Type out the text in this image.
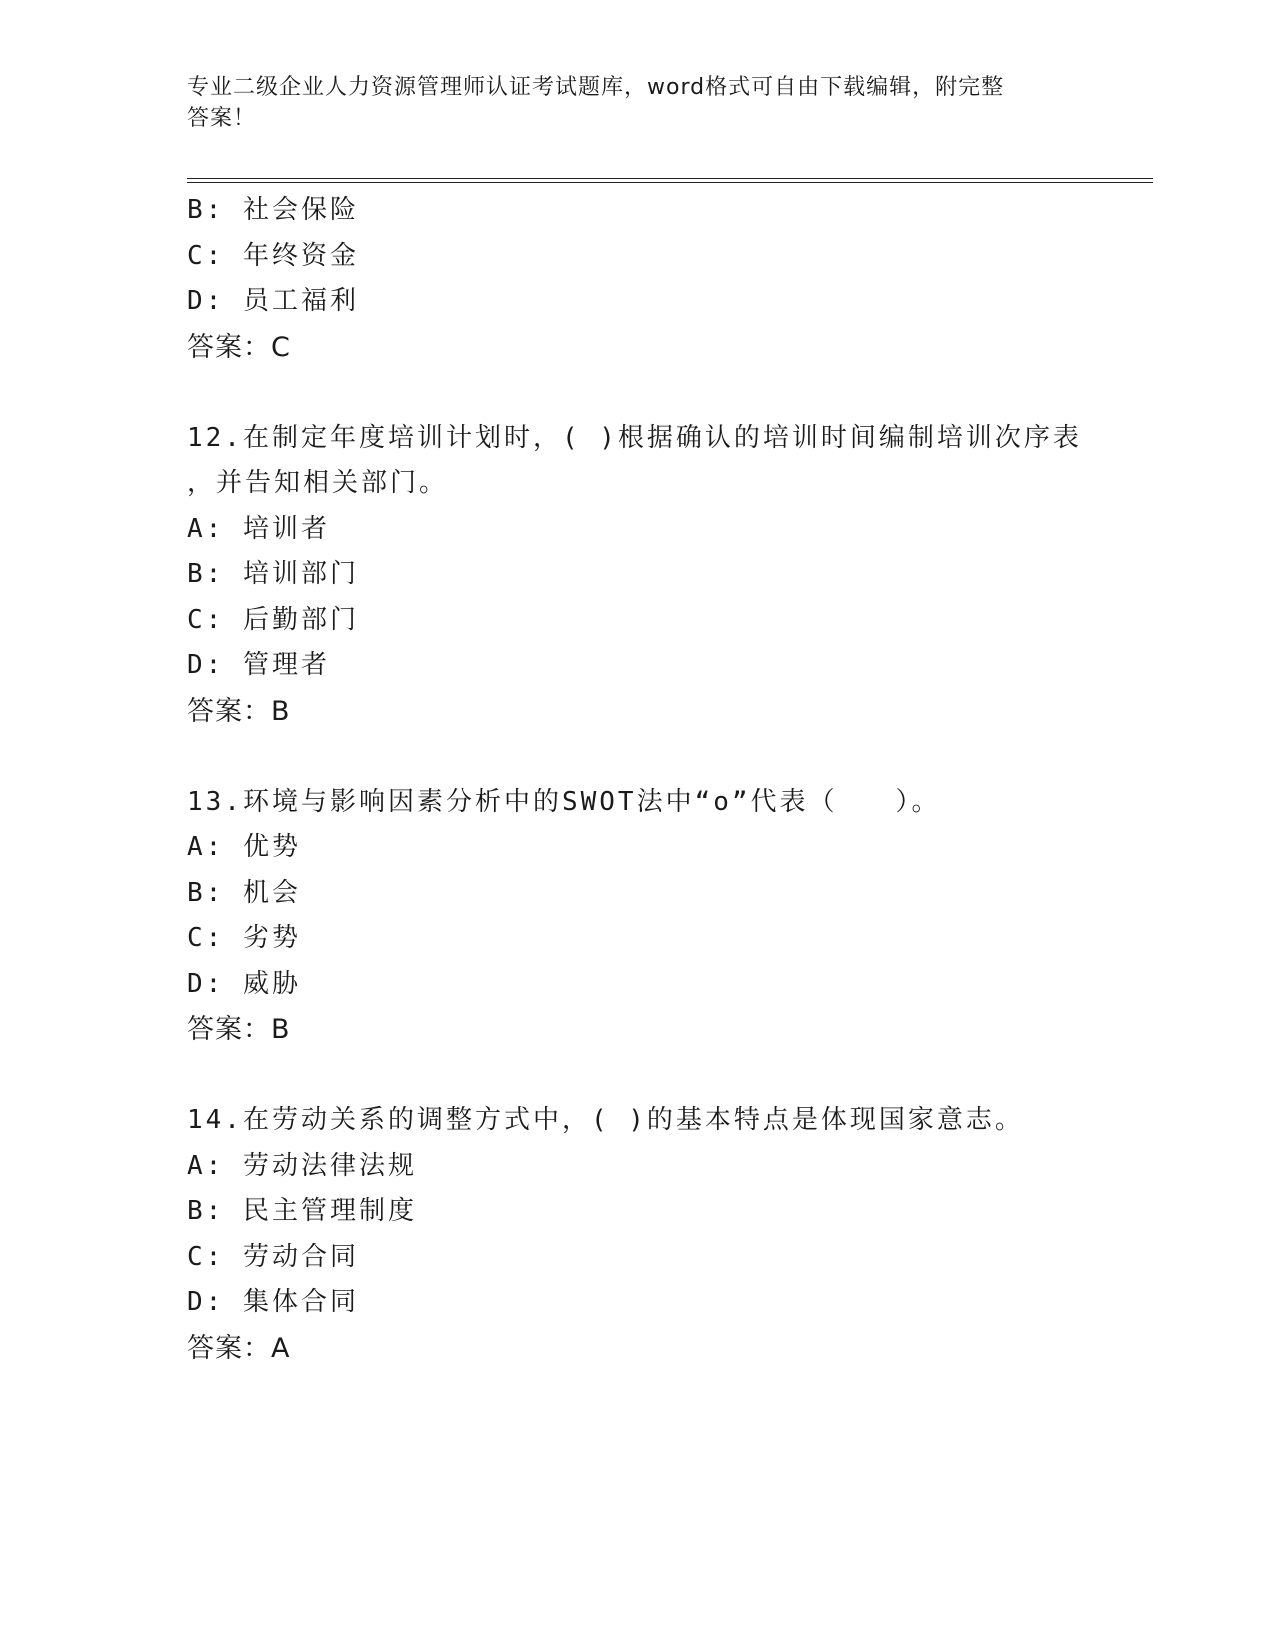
专业二级企业人力资源管理师认证考试题库，word格式可自由下载编辑，附完整
答案！
B: 社会保险
C: 年终资金
D: 员工福利
答案：C
12.在制定年度培训计划时，( )根据确认的培训时间编制培训次序表
，并告知相关部门。
A: 培训者
B: 培训部门
C: 后勤部门
D: 管理者
答案：B
13.环境与影响因素分析中的SWOT法中“o”代表（　　）。
A: 优势
B: 机会
C: 劣势
D: 威胁
答案：B
14.在劳动关系的调整方式中，( )的基本特点是体现国家意志。
A: 劳动法律法规
B: 民主管理制度
C: 劳动合同
D: 集体合同
答案：A
